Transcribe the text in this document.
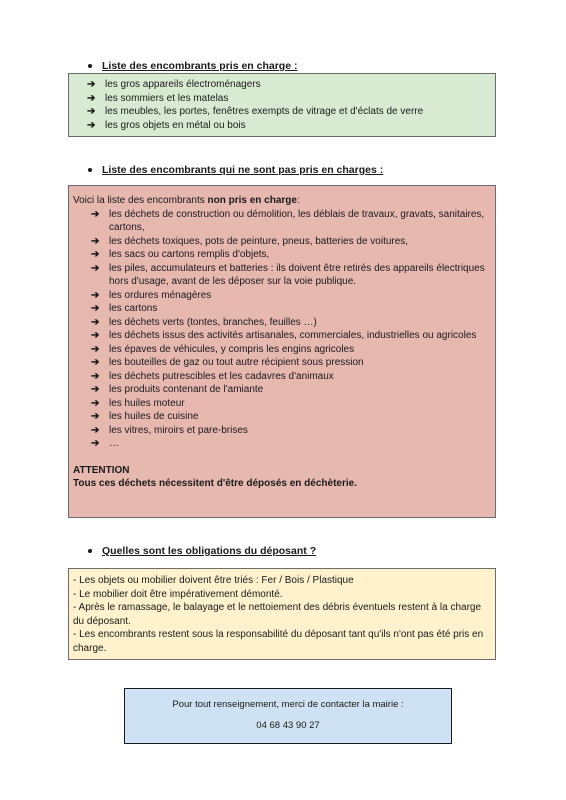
Liste des encombrants pris en charge :
➔ les gros appareils électroménagers
➔ les sommiers et les matelas
➔ les meubles, les portes, fenêtres exempts de vitrage et d'éclats de verre
➔ les gros objets en métal ou bois
Liste des encombrants qui ne sont pas pris en charges :
Voici la liste des encombrants non pris en charge:
➔ les déchets de construction ou démolition, les déblais de travaux, gravats, sanitaires, cartons,
➔ les déchets toxiques, pots de peinture, pneus, batteries de voitures,
➔ les sacs ou cartons remplis d'objets,
➔ les piles, accumulateurs et batteries : ils doivent être retirés des appareils électriques hors d'usage, avant de les déposer sur la voie publique.
➔ les ordures ménagères
➔ les cartons
➔ les déchets verts (tontes, branches, feuilles …)
➔ les déchets issus des activités artisanales, commerciales, industrielles ou agricoles
➔ les épaves de véhicules, y compris les engins agricoles
➔ les bouteilles de gaz ou tout autre récipient sous pression
➔ les déchets putrescibles et les cadavres d'animaux
➔ les produits contenant de l'amiante
➔ les huiles moteur
➔ les huiles de cuisine
➔ les vitres, miroirs et pare-brises
➔ …
ATTENTION
Tous ces déchets nécessitent d'être déposés en déchèterie.
Quelles sont les obligations du déposant ?

- Les objets ou mobilier doivent être triés : Fer / Bois / Plastique

- Le mobilier doit être impérativement démonté.

- Après le ramassage, le balayage et le nettoiement des débris éventuels restent à la charge du déposant.

- Les encombrants restent sous la responsabilité du déposant tant qu'ils n'ont pas été pris en charge.

Pour tout renseignement, merci de contacter la mairie :
04 68 43 90 27
